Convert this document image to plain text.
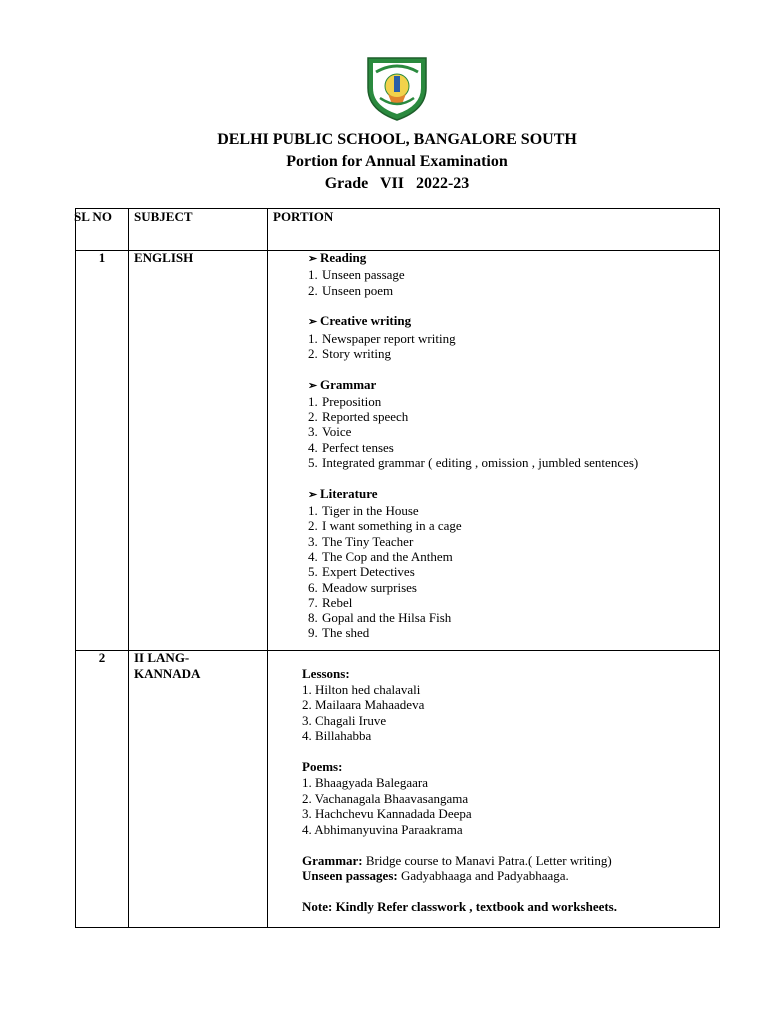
DELHI PUBLIC SCHOOL, BANGALORE SOUTH
Portion for Annual Examination
Grade VII 2022-23
SL NO SUBJECT	PORTION
1	ENGLISH	➢ Reading
1. Unseen passage
2. Unseen poem
➢ Creative writing
1. Newspaper report writing
2. Story writing
➢ Grammar
1. Preposition
2. Reported speech
3. Voice
4. Perfect tenses
5. Integrated grammar ( editing , omission , jumbled sentences)
➢ Literature
1. Tiger in the House
2. I want something in a cage
3. The Tiny Teacher
4. The Cop and the Anthem
5. Expert Detectives
6. Meadow surprises
7. Rebel
8. Gopal and the Hilsa Fish
9. The shed
2	II LANG-
KANNADA	Lessons:
1. Hilton hed chalavali
2. Mailaara Mahaadeva
3. Chagali Iruve
4. Billahabba
Poems:
1. Bhaagyada Balegaara
2. Vachanagala Bhaavasangama
3. Hachchevu Kannadada Deepa
4. Abhimanyuvina Paraakrama
Grammar: Bridge course to Manavi Patra.( Letter writing)
Unseen passages: Gadyabhaaga and Padyabhaaga.
Note: Kindly Refer classwork , textbook and worksheets.
